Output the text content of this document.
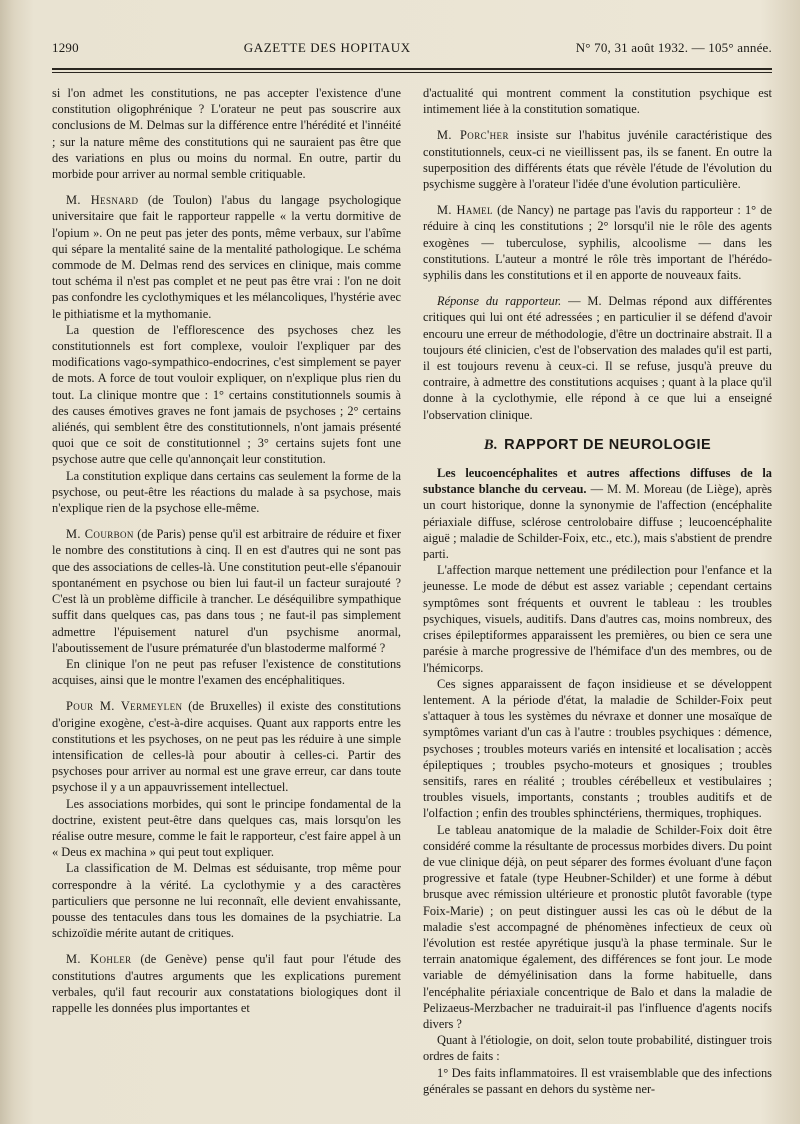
1290	GAZETTE DES HOPITAUX	N° 70, 31 août 1932. — 105° année.

si l'on admet les constitutions, ne pas accepter l'existence d'une constitution oligophrénique ? L'orateur ne peut pas souscrire aux conclusions de M. Delmas sur la différence entre l'hérédité et l'innéité ; sur la nature même des constitutions qui ne sauraient pas être que des variations en plus ou moins du normal. En outre, partir du morbide pour arriver au normal semble critiquable.

M. Hesnard (de Toulon) l'abus du langage psychologique universitaire que fait le rapporteur rappelle « la vertu dormitive de l'opium ». On ne peut pas jeter des ponts, même verbaux, sur l'abîme qui sépare la mentalité saine de la mentalité pathologique. Le schéma commode de M. Delmas rend des services en clinique, mais comme tout schéma il n'est pas complet et ne peut pas être vrai : l'on ne doit pas confondre les cyclothymiques et les mélancoliques, l'hystérie avec le pithiatisme et la mythomanie.

La question de l'efflorescence des psychoses chez les constitutionnels est fort complexe, vouloir l'expliquer par des modifications vago-sympathico-endocrines, c'est simplement se payer de mots. A force de tout vouloir expliquer, on n'explique plus rien du tout. La clinique montre que : 1° certains constitutionnels soumis à des causes émotives graves ne font jamais de psychoses ; 2° certains aliénés, qui semblent être des constitutionnels, n'ont jamais présenté quoi que ce soit de constitutionnel ; 3° certains sujets font une psychose autre que celle qu'annonçait leur constitution.

La constitution explique dans certains cas seulement la forme de la psychose, ou peut-être les réactions du malade à sa psychose, mais n'explique rien de la psychose elle-même.

M. Courbon (de Paris) pense qu'il est arbitraire de réduire et fixer le nombre des constitutions à cinq. Il en est d'autres qui ne sont pas que des associations de celles-là. Une constitution peut-elle s'épanouir spontanément en psychose ou bien lui faut-il un facteur surajouté ? C'est là un problème difficile à trancher. Le déséquilibre sympathique suffit dans quelques cas, pas dans tous ; ne faut-il pas simplement admettre l'épuisement naturel d'un psychisme anormal, l'aboutissement de l'usure prématurée d'un blastoderme malformé ?

En clinique l'on ne peut pas refuser l'existence de constitutions acquises, ainsi que le montre l'examen des encéphalitiques.

Pour M. Vermeylen (de Bruxelles) il existe des constitutions d'origine exogène, c'est-à-dire acquises. Quant aux rapports entre les constitutions et les psychoses, on ne peut pas les réduire à une simple intensification de celles-là pour aboutir à celles-ci. Partir des psychoses pour arriver au normal est une grave erreur, car dans toute psychose il y a un appauvrissement intellectuel.

Les associations morbides, qui sont le principe fondamental de la doctrine, existent peut-être dans quelques cas, mais lorsqu'on les réalise outre mesure, comme le fait le rapporteur, c'est faire appel à un « Deus ex machina » qui peut tout expliquer.

La classification de M. Delmas est séduisante, trop même pour correspondre à la vérité. La cyclothymie y a des caractères particuliers que personne ne lui reconnaît, elle devient envahissante, pousse des tentacules dans tous les domaines de la psychiatrie. La schizoïdie mérite autant de critiques.

M. Kohler (de Genève) pense qu'il faut pour l'étude des constitutions d'autres arguments que les explications purement verbales, qu'il faut recourir aux constatations biologiques dont il rappelle les données plus importantes et

d'actualité qui montrent comment la constitution psychique est intimement liée à la constitution somatique.

M. Porc'her insiste sur l'habitus juvénile caractéristique des constitutionnels, ceux-ci ne vieillissent pas, ils se fanent. En outre la superposition des différents états que révèle l'étude de l'évolution du psychisme suggère à l'orateur l'idée d'une évolution particulière.

M. Hamel (de Nancy) ne partage pas l'avis du rapporteur : 1° de réduire à cinq les constitutions ; 2° lorsqu'il nie le rôle des agents exogènes — tuberculose, syphilis, alcoolisme — dans les constitutions. L'auteur a montré le rôle très important de l'hérédo-syphilis dans les constitutions et il en apporte de nouveaux faits.

Réponse du rapporteur. — M. Delmas répond aux différentes critiques qui lui ont été adressées ; en particulier il se défend d'avoir encouru une erreur de méthodologie, d'être un doctrinaire abstrait. Il a toujours été clinicien, c'est de l'observation des malades qu'il est parti, il est toujours revenu à ceux-ci. Il se refuse, jusqu'à preuve du contraire, à admettre des constitutions acquises ; quant à la place qu'il donne à la cyclothymie, elle répond à ce que lui a enseigné l'observation clinique.

B. RAPPORT DE NEUROLOGIE

Les leucoencéphalites et autres affections diffuses de la substance blanche du cerveau. — M. M. Moreau (de Liège), après un court historique, donne la synonymie de l'affection (encéphalite périaxiale diffuse, sclérose centrolobaire diffuse ; leucoencéphalite aiguë ; maladie de Schilder-Foix, etc., etc.), mais s'abstient de prendre parti.

L'affection marque nettement une prédilection pour l'enfance et la jeunesse. Le mode de début est assez variable ; cependant certains symptômes sont fréquents et ouvrent le tableau : les troubles psychiques, visuels, auditifs. Dans d'autres cas, moins nombreux, des crises épileptiformes apparaissent les premières, ou bien ce sera une parésie à marche progressive de l'hémiface d'un des membres, ou de l'hémicorps.

Ces signes apparaissent de façon insidieuse et se développent lentement. A la période d'état, la maladie de Schilder-Foix peut s'attaquer à tous les systèmes du névraxe et donner une mosaïque de symptômes variant d'un cas à l'autre : troubles psychiques : démence, psychoses ; troubles moteurs variés en intensité et localisation ; accès épileptiques ; troubles psycho-moteurs et gnosiques ; troubles sensitifs, rares en réalité ; troubles cérébelleux et vestibulaires ; troubles visuels, importants, constants ; troubles auditifs et de l'olfaction ; enfin des troubles sphinctériens, thermiques, trophiques.

Le tableau anatomique de la maladie de Schilder-Foix doit être considéré comme la résultante de processus morbides divers. Du point de vue clinique déjà, on peut séparer des formes évoluant d'une façon progressive et fatale (type Heubner-Schilder) et une forme à début brusque avec rémission ultérieure et pronostic plutôt favorable (type Foix-Marie) ; on peut distinguer aussi les cas où le début de la maladie s'est accompagné de phénomènes infectieux de ceux où l'évolution est restée apyrétique jusqu'à la phase terminale. Sur le terrain anatomique également, des différences se font jour. Le mode variable de démyélinisation dans la forme habituelle, dans l'encéphalite périaxiale concentrique de Balo et dans la maladie de Pelizaeus-Merzbacher ne traduirait-il pas l'influence d'agents nocifs divers ?

Quant à l'étiologie, on doit, selon toute probabilité, distinguer trois ordres de faits :

1° Des faits inflammatoires. Il est vraisemblable que des infections générales se passant en dehors du système ner-
